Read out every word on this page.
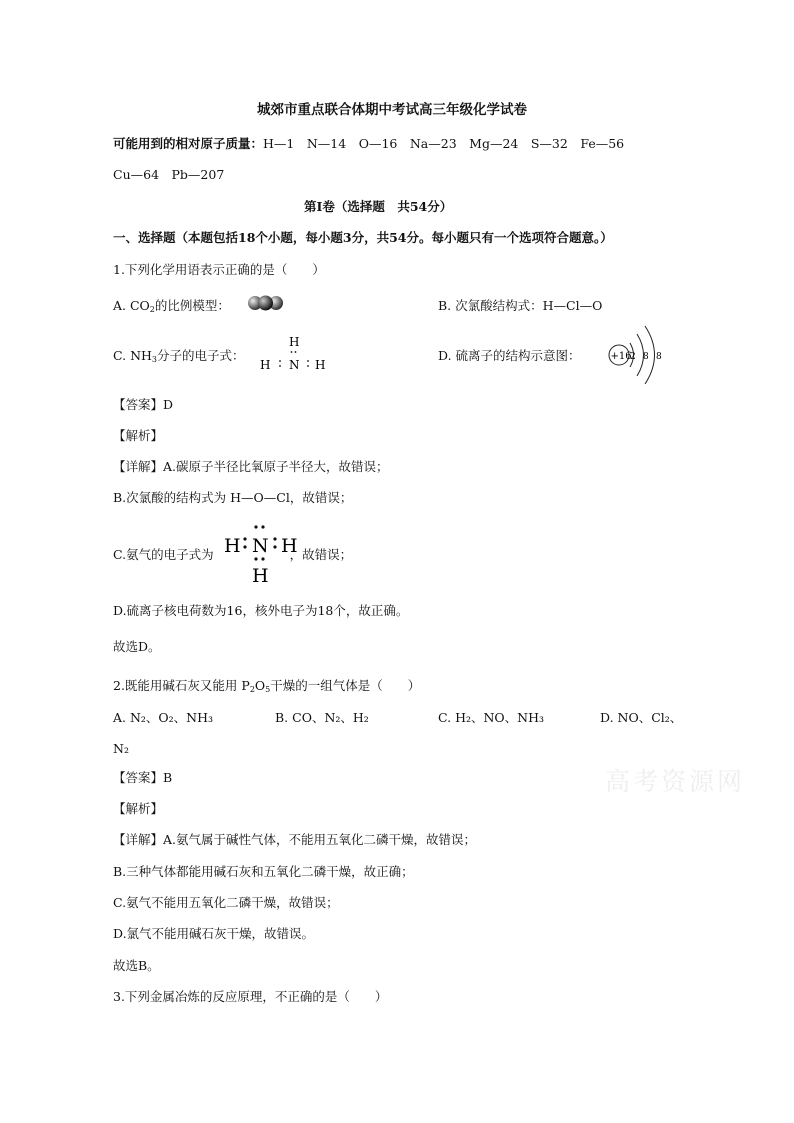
高考资源网
城郊市重点联合体期中考试高三年级化学试卷
可能用到的相对原子质量：H—1　N—14　O—16　Na—23　Mg—24　S—32　Fe—56
Cu—64　Pb—207
第Ⅰ卷（选择题　共54分）
一、选择题（本题包括18个小题，每小题3分，共54分。每小题只有一个选项符合题意。）
1.下列化学用语表示正确的是（　　）
A. $CO_2$的比例模型：	B. 次氯酸结构式：H—Cl—O
C. $NH_3$分子的电子式：
H
H N H
D. 硫离子的结构示意图：	+16
2 8 8
【答案】D
【解析】
【详解】A.碳原子半径比氧原子半径大，故错误；
B.次氯酸的结构式为 H—O—Cl，故错误；
C.氨气的电子式为	，故错误；
H N H
H
D.硫离子核电荷数为16，核外电子为18个，故正确。
故选D。
2.既能用碱石灰又能用 $P_2O_5$干燥的一组气体是（　　）
A. N₂、O₂、NH₃	B. CO、N₂、H₂	C. H₂、NO、NH₃	D. NO、Cl₂、
N₂
【答案】B
【解析】
【详解】A.氨气属于碱性气体，不能用五氧化二磷干燥，故错误；
B.三种气体都能用碱石灰和五氧化二磷干燥，故正确；
C.氨气不能用五氧化二磷干燥，故错误；
D.氯气不能用碱石灰干燥，故错误。
故选B。
3.下列金属冶炼的反应原理，不正确的是（　　）
